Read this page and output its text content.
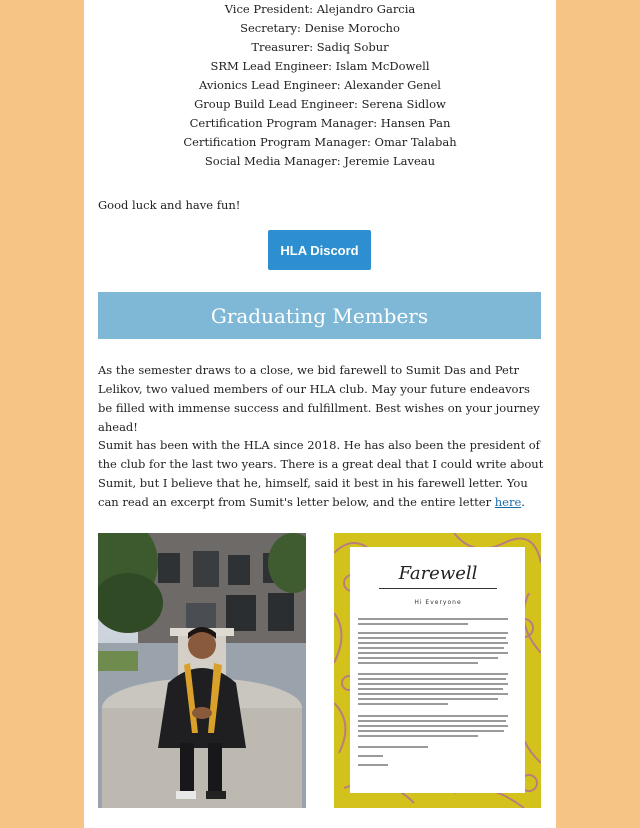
Vice President: Alejandro Garcia
Secretary: Denise Morocho
Treasurer: Sadiq Sobur
SRM Lead Engineer: Islam McDowell
Avionics Lead Engineer: Alexander Genel
Group Build Lead Engineer: Serena Sidlow
Certification Program Manager: Hansen Pan
Certification Program Manager: Omar Talabah
Social Media Manager: Jeremie Laveau
Good luck and have fun!
HLA Discord
Graduating Members
As the semester draws to a close, we bid farewell to Sumit Das and Petr Lelikov, two valued members of our HLA club. May your future endeavors be filled with immense success and fulfillment. Best wishes on your journey ahead!
Sumit has been with the HLA since 2018. He has also been the president of the club for the last two years. There is a great deal that I could write about Sumit, but I believe that he, himself, said it best in his farewell letter. You can read an excerpt from Sumit's letter below, and the entire letter here.
Farewell
Hi Everyone
